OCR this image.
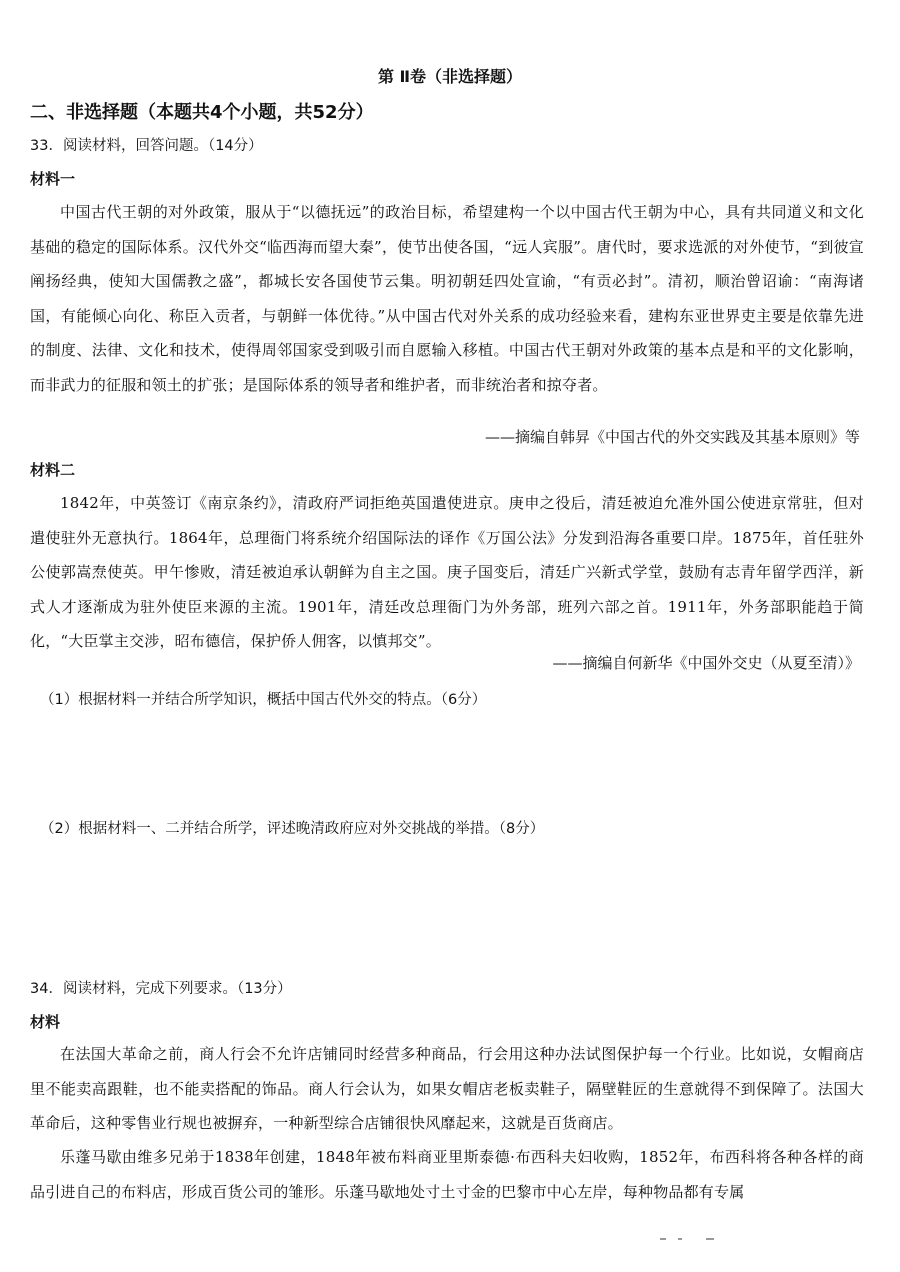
第 Ⅱ卷（非选择题）
二、非选择题（本题共4个小题，共52分）
33．阅读材料，回答问题。（14分）
材料一

中国古代王朝的对外政策，服从于“以德抚远”的政治目标，希望建构一个以中国古代王朝为中心，具有共同道义和文化基础的稳定的国际体系。汉代外交“临西海而望大秦”，使节出使各国，“远人宾服”。唐代时，要求选派的对外使节，“到彼宣阐扬经典，使知大国儒教之盛”，都城长安各国使节云集。明初朝廷四处宣谕，“有贡必封”。清初，顺治曾诏谕：“南海诸国，有能倾心向化、称臣入贡者，与朝鲜一体优待。”从中国古代对外关系的成功经验来看，建构东亚世界吏主要是依靠先进的制度、法律、文化和技术，使得周邻国家受到吸引而自愿输入移植。中国古代王朝对外政策的基本点是和平的文化影响，而非武力的征服和领土的扩张；是国际体系的领导者和维护者，而非统治者和掠夺者。

——摘编自韩昇《中国古代的外交实践及其基本原则》等
材料二

1842年，中英签订《南京条约》，清政府严词拒绝英国遣使进京。庚申之役后，清廷被迫允准外国公使进京常驻，但对遣使驻外无意执行。1864年，总理衙门将系统介绍国际法的译作《万国公法》分发到沿海各重要口岸。1875年，首任驻外公使郭嵩焘使英。甲午惨败，清廷被迫承认朝鲜为自主之国。庚子国变后，清廷广兴新式学堂，鼓励有志青年留学西洋，新式人才逐渐成为驻外使臣来源的主流。1901年，清廷改总理衙门为外务部，班列六部之首。1911年，外务部职能趋于简化，“大臣掌主交涉，昭布德信，保护侨人佣客，以慎邦交”。

——摘编自何新华《中国外交史（从夏至清）》
（1）根据材料一并结合所学知识，概括中国古代外交的特点。（6分）
（2）根据材料一、二并结合所学，评述晚清政府应对外交挑战的举措。（8分）
34．阅读材料，完成下列要求。（13分）
材料

在法国大革命之前，商人行会不允许店铺同时经营多种商品，行会用这种办法试图保护每一个行业。比如说，女帽商店里不能卖高跟鞋，也不能卖搭配的饰品。商人行会认为，如果女帽店老板卖鞋子，隔壁鞋匠的生意就得不到保障了。法国大革命后，这种零售业行规也被摒弃，一种新型综合店铺很快风靡起来，这就是百货商店。

乐蓬马歇由维多兄弟于1838年创建，1848年被布料商亚里斯泰德·布西科夫妇收购，1852年，布西科将各种各样的商品引进自己的布料店，形成百货公司的雏形。乐蓬马歇地处寸土寸金的巴黎市中心左岸，每种物品都有专属
